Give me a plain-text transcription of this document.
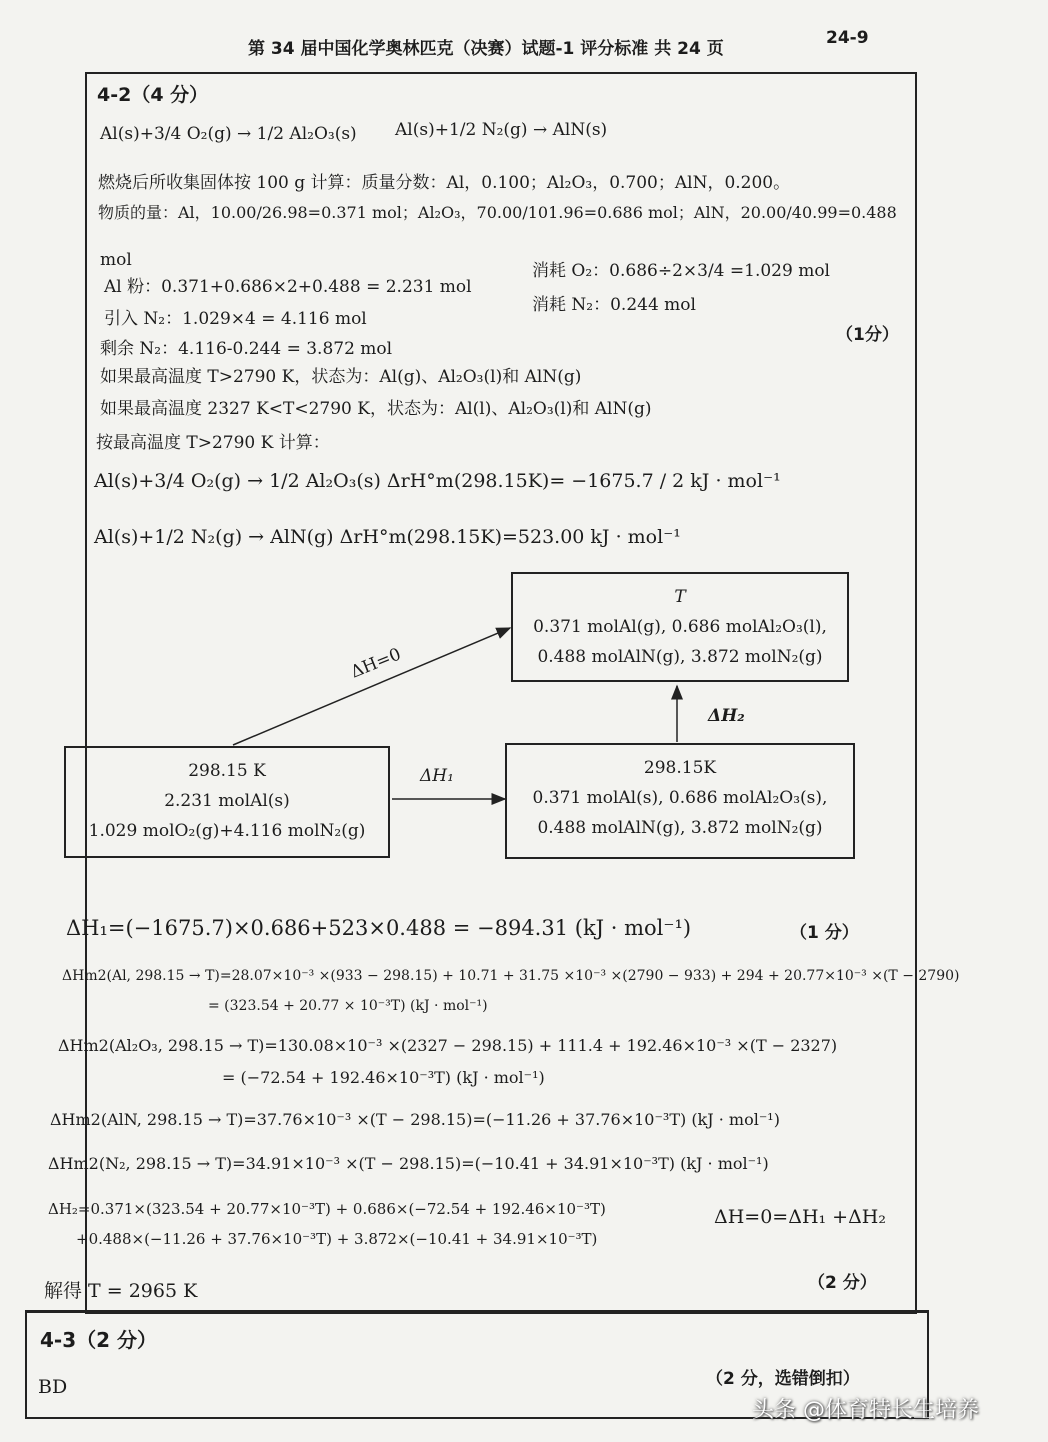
第 34 届中国化学奥林匹克（决赛）试题-1 评分标准 共 24 页
24-9
4-2（4 分）
Al(s)+3/4 O₂(g) → 1/2 Al₂O₃(s) Al(s)+1/2 N₂(g) → AlN(s)
燃烧后所收集固体按 100 g 计算：质量分数：Al，0.100；Al₂O₃，0.700；AlN，0.200。
物质的量：Al，10.00/26.98=0.371 mol；Al₂O₃，70.00/101.96=0.686 mol；AlN，20.00/40.99=0.488
mol
Al 粉：0.371+0.686×2+0.488 = 2.231 mol
引入 N₂：1.029×4 = 4.116 mol
剩余 N₂：4.116-0.244 = 3.872 mol
消耗 O₂：0.686÷2×3/4 =1.029 mol
消耗 N₂：0.244 mol
（1分）
如果最高温度 T>2790 K，状态为：Al(g)、Al₂O₃(l)和 AlN(g)
如果最高温度 2327 K<T<2790 K，状态为：Al(l)、Al₂O₃(l)和 AlN(g)
按最高温度 T>2790 K 计算：
Al(s)+3/4 O₂(g) → 1/2 Al₂O₃(s) ΔrH°m(298.15K)= −1675.7 / 2 kJ · mol⁻¹
Al(s)+1/2 N₂(g) → AlN(g) ΔrH°m(298.15K)=523.00 kJ · mol⁻¹
T
0.371 molAl(g), 0.686 molAl₂O₃(l),
0.488 molAlN(g), 3.872 molN₂(g)
298.15 K
2.231 molAl(s)
1.029 molO₂(g)+4.116 molN₂(g)
298.15K
0.371 molAl(s), 0.686 molAl₂O₃(s),
0.488 molAlN(g), 3.872 molN₂(g)
ΔH=0
ΔH₁
ΔH₂
ΔH₁=(−1675.7)×0.686+523×0.488 = −894.31 (kJ · mol⁻¹)	（1 分）
ΔHm2(Al, 298.15 → T)=28.07×10⁻³ ×(933 − 298.15) + 10.71 + 31.75 ×10⁻³ ×(2790 − 933) + 294 + 20.77×10⁻³ ×(T − 2790)
= (323.54 + 20.77 × 10⁻³T) (kJ · mol⁻¹)
ΔHm2(Al₂O₃, 298.15 → T)=130.08×10⁻³ ×(2327 − 298.15) + 111.4 + 192.46×10⁻³ ×(T − 2327)
= (−72.54 + 192.46×10⁻³T) (kJ · mol⁻¹)
ΔHm2(AlN, 298.15 → T)=37.76×10⁻³ ×(T − 298.15)=(−11.26 + 37.76×10⁻³T) (kJ · mol⁻¹)
ΔHm2(N₂, 298.15 → T)=34.91×10⁻³ ×(T − 298.15)=(−10.41 + 34.91×10⁻³T) (kJ · mol⁻¹)
ΔH₂=0.371×(323.54 + 20.77×10⁻³T) + 0.686×(−72.54 + 192.46×10⁻³T)
+0.488×(−11.26 + 37.76×10⁻³T) + 3.872×(−10.41 + 34.91×10⁻³T)
ΔH=0=ΔH₁ +ΔH₂
解得 T = 2965 K	（2 分）
4-3（2 分）
BD	（2 分，选错倒扣）
头条 @体育特长生培养
